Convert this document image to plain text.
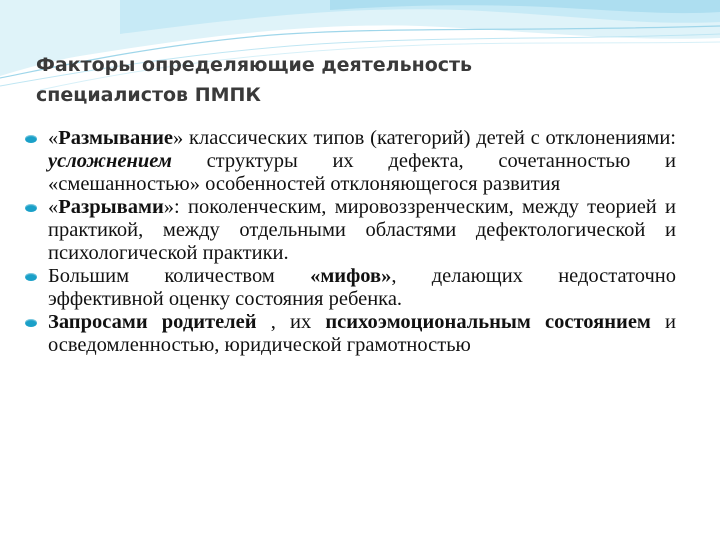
Факторы определяющие деятельность
специалистов ПМПК
«Размывание» классических типов (категорий) детей с отклонениями: усложнением структуры их дефекта, сочетанностью и «смешанностью» особенностей отклоняющегося развития
«Разрывами»: поколенческим, мировоззренческим, между теорией и практикой, между отдельными областями дефектологической и психологической практики.
Большим количеством «мифов», делающих недостаточно эффективной оценку состояния ребенка.
Запросами родителей , их психоэмоциональным состоянием и осведомленностью, юридической грамотностью
